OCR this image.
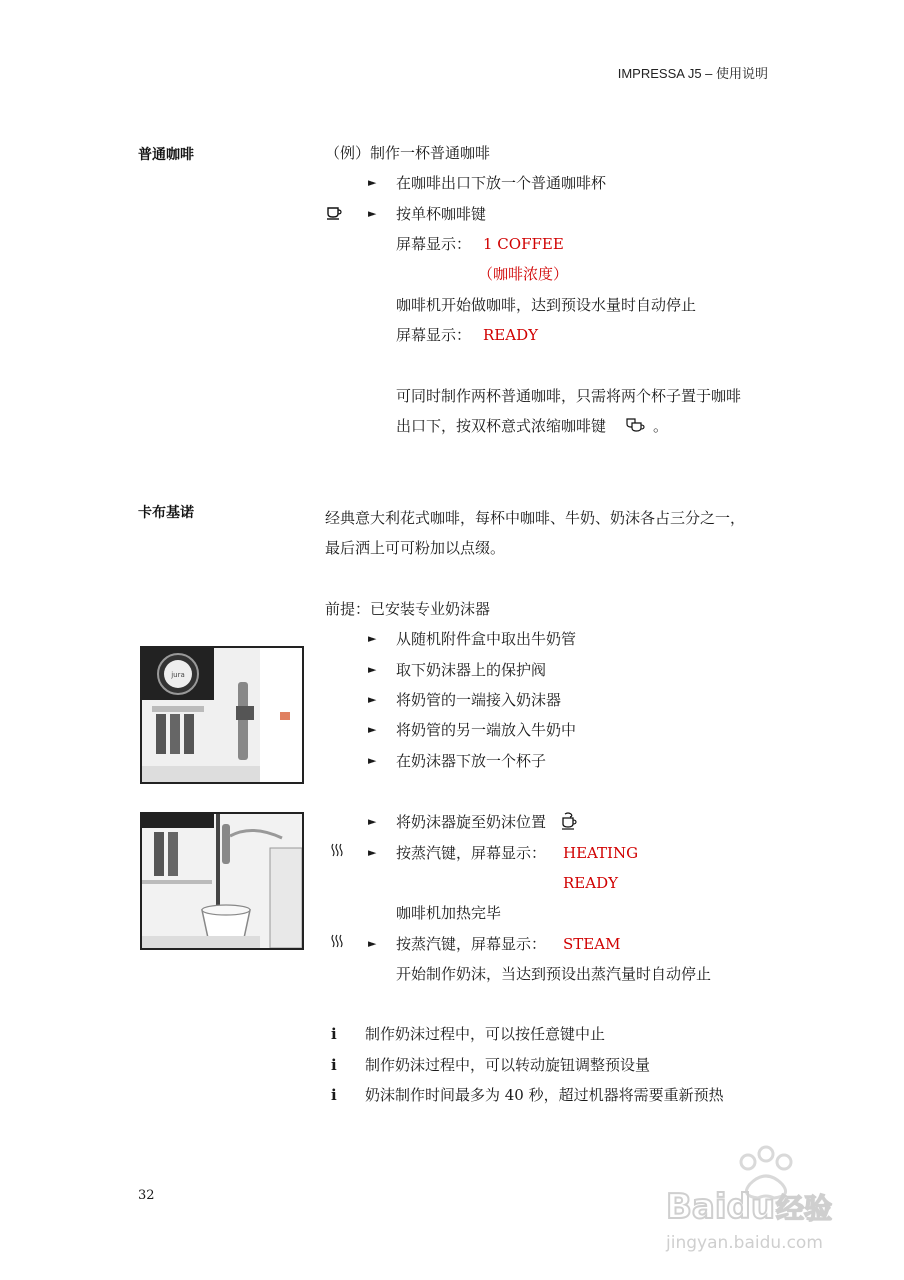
IMPRESSA J5 – 使用说明
普通咖啡	（例）制作一杯普通咖啡
► 在咖啡出口下放一个普通咖啡杯
► 按单杯咖啡键
屏幕显示： 1 COFFEE
（咖啡浓度）
咖啡机开始做咖啡，达到预设水量时自动停止
屏幕显示： READY
可同时制作两杯普通咖啡，只需将两个杯子置于咖啡
出口下，按双杯意式浓缩咖啡键	。
卡布基诺	经典意大利花式咖啡，每杯中咖啡、牛奶、奶沫各占三分之一，
最后洒上可可粉加以点缀。
前提：已安装专业奶沫器
► 从随机附件盒中取出牛奶管
► 取下奶沫器上的保护阀
► 将奶管的一端接入奶沫器
► 将奶管的另一端放入牛奶中
► 在奶沫器下放一个杯子
jura
► 将奶沫器旋至奶沫位置
► 按蒸汽键，屏幕显示： HEATING
READY
咖啡机加热完毕
► 按蒸汽键，屏幕显示： STEAM
开始制作奶沫，当达到预设出蒸汽量时自动停止
i 制作奶沫过程中，可以按任意键中止
i 制作奶沫过程中，可以转动旋钮调整预设量
i 奶沫制作时间最多为 40 秒，超过机器将需要重新预热
32	Baidu 经验
jingyan.baidu.com
